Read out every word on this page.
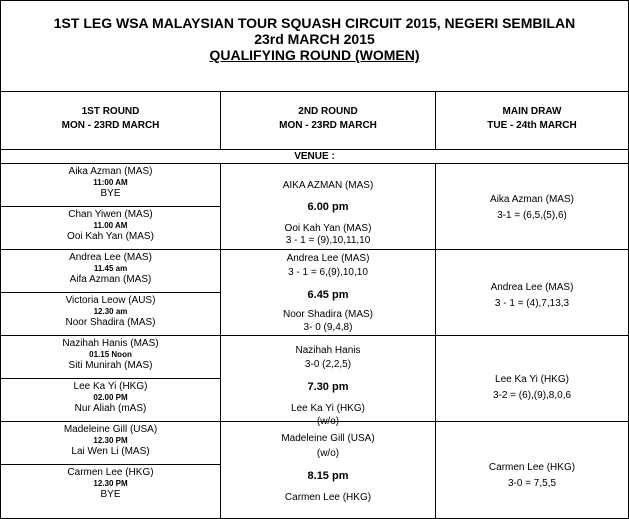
1ST LEG WSA MALAYSIAN TOUR SQUASH CIRCUIT 2015, NEGERI SEMBILAN
23rd MARCH 2015
QUALIFYING ROUND (WOMEN)
1ST ROUND
MON - 23RD MARCH
2ND ROUND
MON - 23RD MARCH
MAIN DRAW
TUE - 24th MARCH
VENUE :
Aika Azman (MAS)
11:00 AM
BYE
Chan Yiwen (MAS)
11.00 AM
Ooi Kah Yan (MAS)
Andrea Lee (MAS)
11.45 am
Aifa Azman (MAS)
Victoria Leow (AUS)
12.30 am
Noor Shadira (MAS)
Nazihah Hanis (MAS)
01.15 Noon
Siti Munirah (MAS)
Lee Ka Yi (HKG)
02.00 PM
Nur Aliah (mAS)
Madeleine Gill (USA)
12.30 PM
Lai Wen Li (MAS)
Carmen Lee (HKG)
12.30 PM
BYE
AIKA AZMAN (MAS)
6.00 pm
Ooi Kah Yan (MAS)
3 - 1 = (9),10,11,10
Andrea Lee (MAS)
3 - 1 = 6,(9),10,10
6.45 pm
Noor Shadira (MAS)
3- 0 (9,4,8)
Nazihah Hanis
3-0 (2,2,5)
7.30 pm
Lee Ka Yi (HKG)
(w/o)
Madeleine Gill (USA)
(w/o)
8.15 pm
Carmen Lee (HKG)
Aika Azman (MAS)
3-1 = (6,5,(5),6)
Andrea Lee (MAS)
3 - 1 = (4),7,13,3
Lee Ka Yi (HKG)
3-2 = (6),(9),8,0,6
Carmen Lee (HKG)
3-0 = 7,5,5
